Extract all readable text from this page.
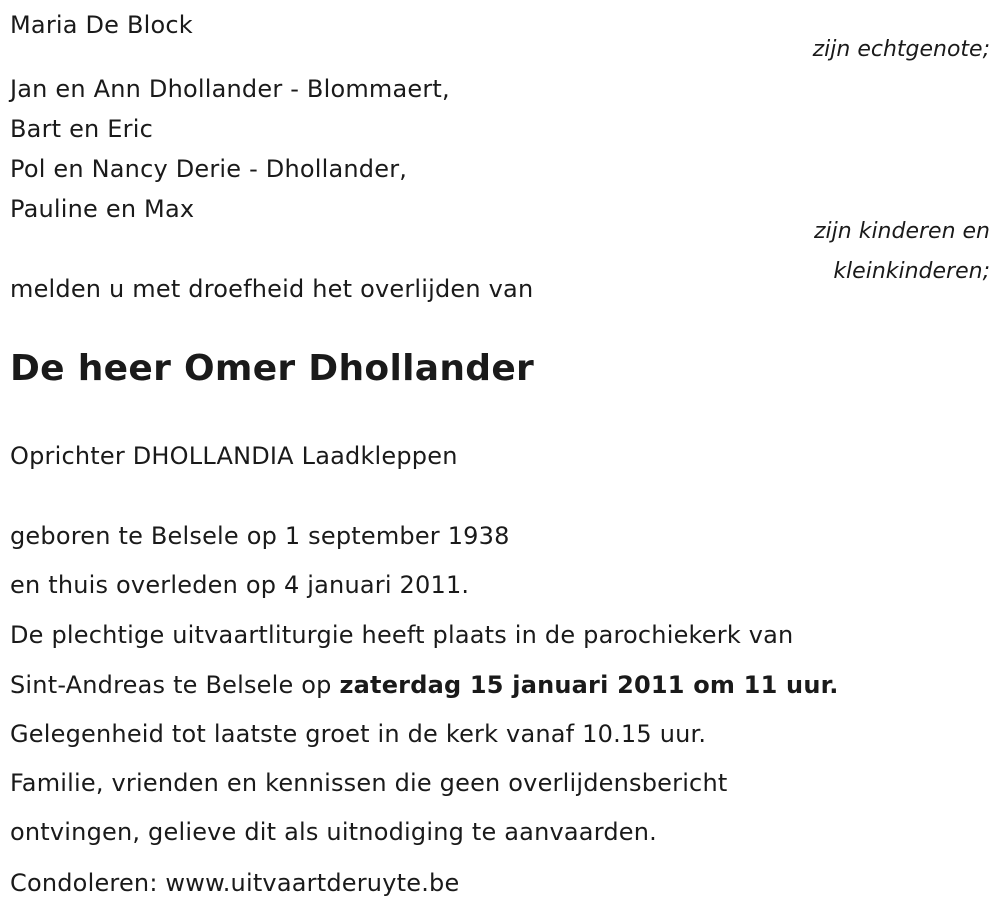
Maria De Block
zijn echtgenote;
Jan en Ann Dhollander - Blommaert,
Bart en Eric
Pol en Nancy Derie - Dhollander,
Pauline en Max
zijn kinderen en
kleinkinderen;
melden u met droefheid het overlijden van
De heer Omer Dhollander
Oprichter DHOLLANDIA Laadkleppen
geboren te Belsele op 1 september 1938
en thuis overleden op 4 januari 2011.
De plechtige uitvaartliturgie heeft plaats in de parochiekerk van
Sint-Andreas te Belsele op zaterdag 15 januari 2011 om 11 uur.
Gelegenheid tot laatste groet in de kerk vanaf 10.15 uur.
Familie, vrienden en kennissen die geen overlijdensbericht
ontvingen, gelieve dit als uitnodiging te aanvaarden.
Condoleren: www.uitvaartderuyte.be
